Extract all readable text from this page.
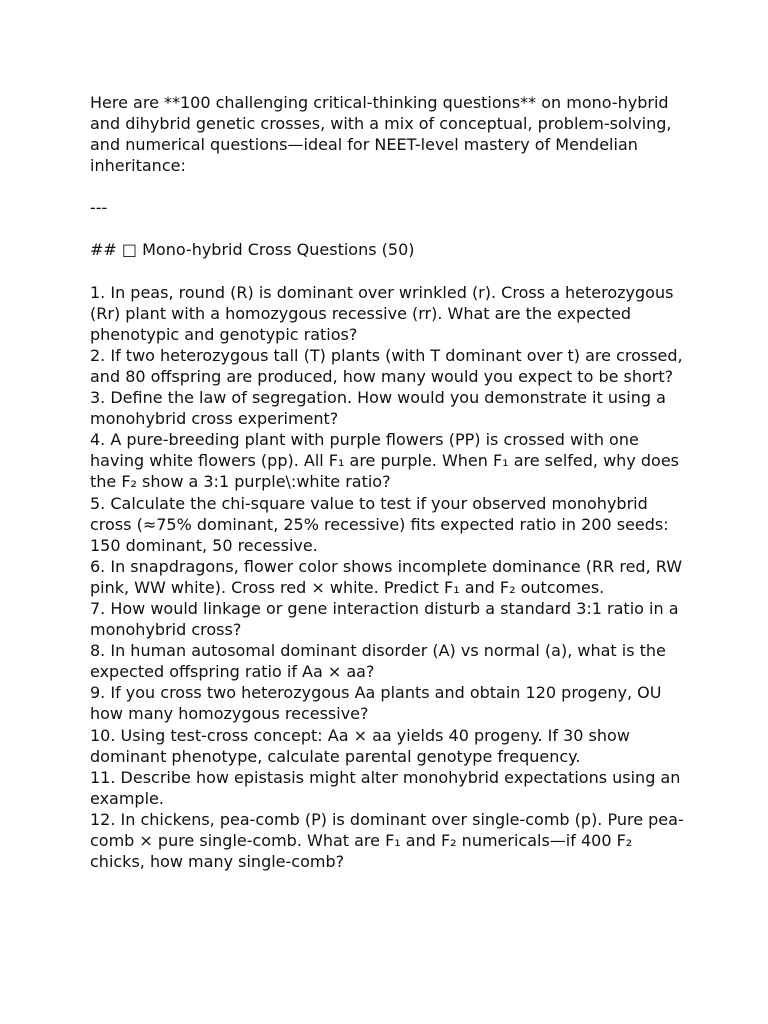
Here are **100 challenging critical-thinking questions** on mono-hybrid and dihybrid genetic crosses, with a mix of conceptual, problem-solving, and numerical questions—ideal for NEET-level mastery of Mendelian inheritance:

---

## □ Mono-hybrid Cross Questions (50)

1. In peas, round (R) is dominant over wrinkled (r). Cross a heterozygous (Rr) plant with a homozygous recessive (rr). What are the expected phenotypic and genotypic ratios?

2. If two heterozygous tall (T) plants (with T dominant over t) are crossed, and 80 offspring are produced, how many would you expect to be short?

3. Define the law of segregation. How would you demonstrate it using a monohybrid cross experiment?

4. A pure-breeding plant with purple flowers (PP) is crossed with one having white flowers (pp). All F₁ are purple. When F₁ are selfed, why does the F₂ show a 3:1 purple\:white ratio?

5. Calculate the chi-square value to test if your observed monohybrid cross (≈75% dominant, 25% recessive) fits expected ratio in 200 seeds: 150 dominant, 50 recessive.

6. In snapdragons, flower color shows incomplete dominance (RR red, RW pink, WW white). Cross red × white. Predict F₁ and F₂ outcomes.

7. How would linkage or gene interaction disturb a standard 3:1 ratio in a monohybrid cross?

8. In human autosomal dominant disorder (A) vs normal (a), what is the expected offspring ratio if Aa × aa?

9. If you cross two heterozygous Aa plants and obtain 120 progeny, OU how many homozygous recessive?

10. Using test-cross concept: Aa × aa yields 40 progeny. If 30 show dominant phenotype, calculate parental genotype frequency.

11. Describe how epistasis might alter monohybrid expectations using an example.

12. In chickens, pea-comb (P) is dominant over single-comb (p). Pure pea-comb × pure single-comb. What are F₁ and F₂ numericals—if 400 F₂ chicks, how many single-comb?
